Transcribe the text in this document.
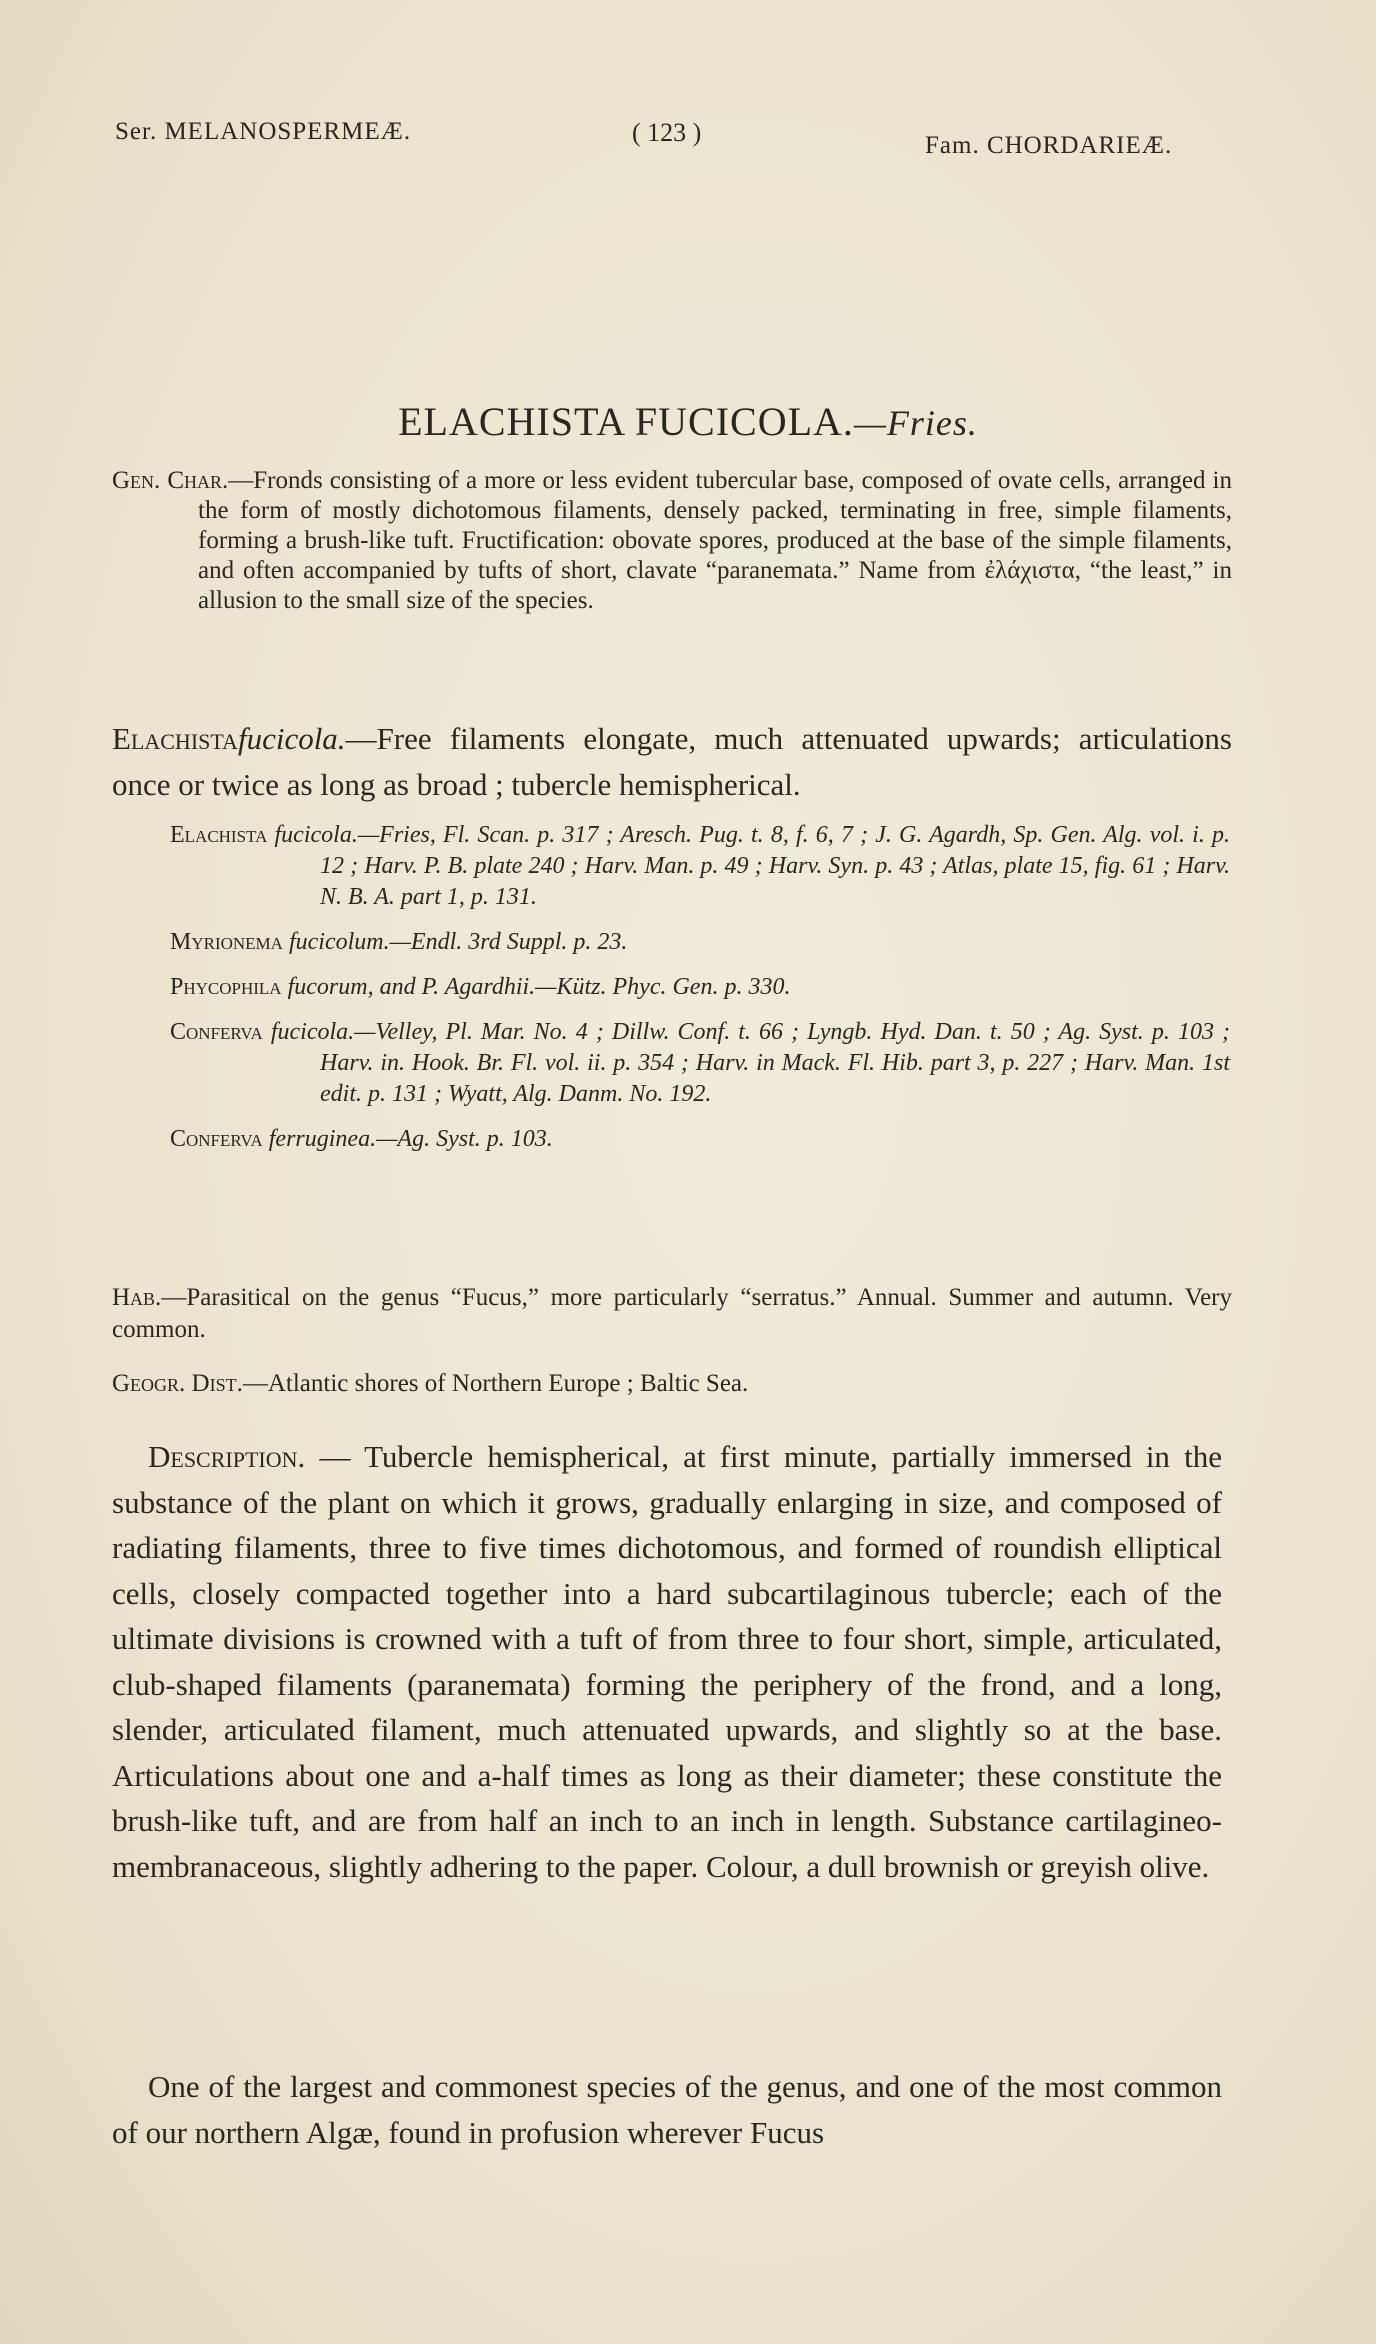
Ser. MELANOSPERMEÆ.	( 123 )	Fam. CHORDARIEÆ.
ELACHISTA FUCICOLA.—Fries.
Gen. Char.—Fronds consisting of a more or less evident tubercular base, composed of ovate cells, arranged in the form of mostly dichotomous filaments, densely packed, terminating in free, simple filaments, forming a brush-like tuft. Fructification: obovate spores, produced at the base of the simple filaments, and often accompanied by tufts of short, clavate “paranemata.” Name from ἐλάχιστα, “the least,” in allusion to the small size of the species.
Elachistafucicola.—Free filaments elongate, much attenuated upwards; articulations once or twice as long as broad ; tubercle hemispherical.
Elachista fucicola.—Fries, Fl. Scan. p. 317 ; Aresch. Pug. t. 8, f. 6, 7 ; J. G. Agardh, Sp. Gen. Alg. vol. i. p. 12 ; Harv. P. B. plate 240 ; Harv. Man. p. 49 ; Harv. Syn. p. 43 ; Atlas, plate 15, fig. 61 ; Harv. N. B. A. part 1, p. 131.
Myrionema fucicolum.—Endl. 3rd Suppl. p. 23.
Phycophila fucorum, and P. Agardhii.—Kütz. Phyc. Gen. p. 330.
Conferva fucicola.—Velley, Pl. Mar. No. 4 ; Dillw. Conf. t. 66 ; Lyngb. Hyd. Dan. t. 50 ; Ag. Syst. p. 103 ; Harv. in. Hook. Br. Fl. vol. ii. p. 354 ; Harv. in Mack. Fl. Hib. part 3, p. 227 ; Harv. Man. 1st edit. p. 131 ; Wyatt, Alg. Danm. No. 192.
Conferva ferruginea.—Ag. Syst. p. 103.
Hab.—Parasitical on the genus “Fucus,” more particularly “serratus.” Annual. Summer and autumn. Very common.
Geogr. Dist.—Atlantic shores of Northern Europe ; Baltic Sea.
Description. — Tubercle hemispherical, at first minute, partially immersed in the substance of the plant on which it grows, gradually enlarging in size, and composed of radiating filaments, three to five times dichotomous, and formed of roundish elliptical cells, closely compacted together into a hard subcartilaginous tubercle; each of the ultimate divisions is crowned with a tuft of from three to four short, simple, articulated, club-shaped filaments (paranemata) forming the periphery of the frond, and a long, slender, articulated filament, much attenuated upwards, and slightly so at the base. Articulations about one and a-half times as long as their diameter; these constitute the brush-like tuft, and are from half an inch to an inch in length. Substance cartilagineo-membranaceous, slightly adhering to the paper. Colour, a dull brownish or greyish olive.
One of the largest and commonest species of the genus, and one of the most common of our northern Algæ, found in profusion wherever Fucus
